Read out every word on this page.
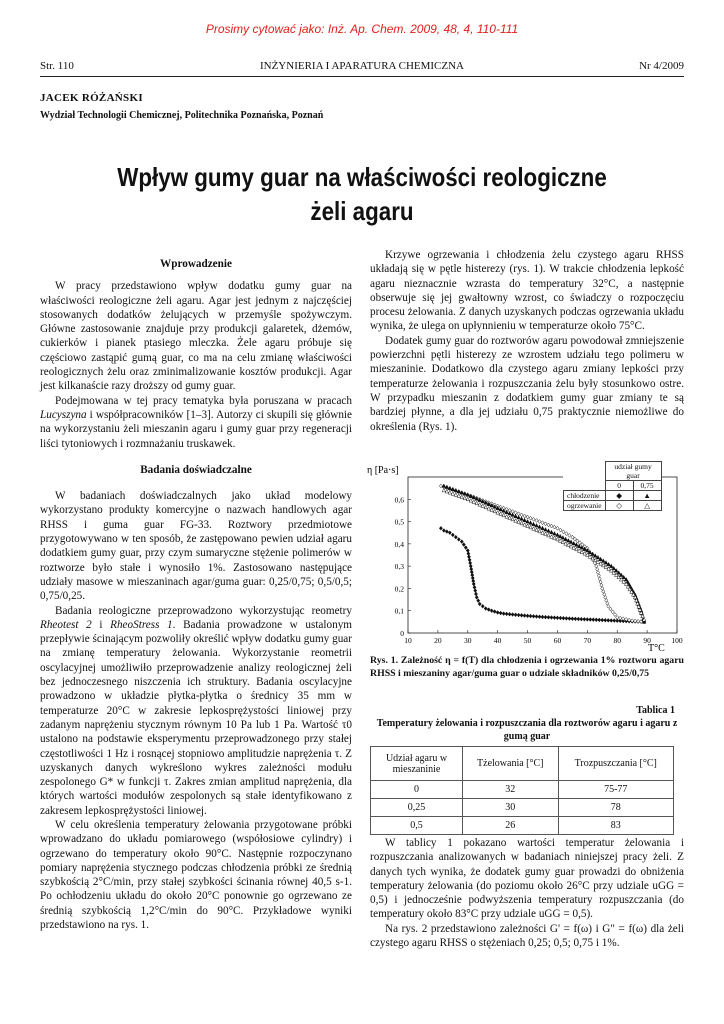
Prosimy cytować jako: Inż. Ap. Chem. 2009, 48, 4, 110-111
Str. 110	INŻYNIERIA I APARATURA CHEMICZNA	Nr 4/2009
JACEK RÓŻAŃSKI
Wydział Technologii Chemicznej, Politechnika Poznańska, Poznań
Wpływ gumy guar na właściwości reologiczne
żeli agaru
Wprowadzenie

W pracy przedstawiono wpływ dodatku gumy guar na właściwości reologiczne żeli agaru. Agar jest jednym z najczęściej stosowanych dodatków żelujących w przemyśle spożywczym. Główne zastosowanie znajduje przy produkcji galaretek, dżemów, cukierków i pianek ptasiego mleczka. Żele agaru próbuje się częściowo zastąpić gumą guar, co ma na celu zmianę właściwości reologicznych żelu oraz zminimalizowanie kosztów produkcji. Agar jest kilkanaście razy droższy od gumy guar.

Podejmowana w tej pracy tematyka była poruszana w pracach Lucyszyna i współpracowników [1–3]. Autorzy ci skupili się głównie na wykorzystaniu żeli mieszanin agaru i gumy guar przy regeneracji liści tytoniowych i rozmnażaniu truskawek.

Badania doświadczalne

W badaniach doświadczalnych jako układ modelowy wykorzystano produkty komercyjne o nazwach handlowych agar RHSS i guma guar FG-33. Roztwory przedmiotowe przygotowywano w ten sposób, że zastępowano pewien udział agaru dodatkiem gumy guar, przy czym sumaryczne stężenie polimerów w roztworze było stałe i wynosiło 1%. Zastosowano następujące udziały masowe w mieszaninach agar/guma guar: 0,25/0,75; 0,5/0,5; 0,75/0,25.

Badania reologiczne przeprowadzono wykorzystując reometry Rheotest 2 i RheoStress 1. Badania prowadzone w ustalonym przepływie ścinającym pozwoliły określić wpływ dodatku gumy guar na zmianę temperatury żelowania. Wykorzystanie reometrii oscylacyjnej umożliwiło przeprowadzenie analizy reologicznej żeli bez jednoczesnego niszczenia ich struktury. Badania oscylacyjne prowadzono w układzie płytka-płytka o średnicy 35 mm w temperaturze 20°C w zakresie lepkosprężystości liniowej przy zadanym naprężeniu stycznym równym 10 Pa lub 1 Pa. Wartość τ0 ustalono na podstawie eksperymentu przeprowadzonego przy stałej częstotliwości 1 Hz i rosnącej stopniowo amplitudzie naprężenia τ. Z uzyskanych danych wykreślono wykres zależności modułu zespolonego G* w funkcji τ. Zakres zmian amplitud naprężenia, dla których wartości modułów zespolonych są stałe identyfikowano z zakresem lepkosprężystości liniowej.

W celu określenia temperatury żelowania przygotowane próbki wprowadzano do układu pomiarowego (współosiowe cylindry) i ogrzewano do temperatury około 90°C. Następnie rozpoczynano pomiary naprężenia stycznego podczas chłodzenia próbki ze średnią szybkością 2°C/min, przy stałej szybkości ścinania równej 40,5 s-1. Po ochłodzeniu układu do około 20°C ponownie go ogrzewano ze średnią szybkością 1,2°C/min do 90°C. Przykładowe wyniki przedstawiono na rys. 1.

Krzywe ogrzewania i chłodzenia żelu czystego agaru RHSS układają się w pętle histerezy (rys. 1). W trakcie chłodzenia lepkość agaru nieznacznie wzrasta do temperatury 32°C, a następnie obserwuje się jej gwałtowny wzrost, co świadczy o rozpoczęciu procesu żelowania. Z danych uzyskanych podczas ogrzewania układu wynika, że ulega on upłynnieniu w temperaturze około 75°C.

Dodatek gumy guar do roztworów agaru powodował zmniejszenie powierzchni pętli histerezy ze wzrostem udziału tego polimeru w mieszaninie. Dodatkowo dla czystego agaru zmiany lepkości przy temperaturze żelowania i rozpuszczania żelu były stosunkowo ostre. W przypadku mieszanin z dodatkiem gumy guar zmiany te są bardziej płynne, a dla jej udziału 0,75 praktycznie niemożliwe do określenia (Rys. 1).

10	20	30	40	50	60	70	80	90	100
0
0,1
0,2
0,3
0,4
0,5
0,6
η [Pa·s]
T°C
	udział gumy guar	
	0	0,75
chłodzenie	◆	▲
ogrzewanie	◇	△
Rys. 1. Zależność η = f(T) dla chłodzenia i ogrzewania 1% roztworu agaru RHSS i mieszaniny agar/guma guar o udziale składników 0,25/0,75
Tablica 1
Temperatury żelowania i rozpuszczania dla roztworów agaru i agaru z gumą guar
Udział agaru w mieszaninie	Tżelowania [°C]	Trozpuszczania [°C]
0	32	75-77
0,25	30	78
0,5	26	83

W tablicy 1 pokazano wartości temperatur żelowania i rozpuszczania analizowanych w badaniach niniejszej pracy żeli. Z danych tych wynika, że dodatek gumy guar prowadzi do obniżenia temperatury żelowania (do poziomu około 26°C przy udziale uGG = 0,5) i jednocześnie podwyższenia temperatury rozpuszczania (do temperatury około 83°C przy udziale uGG = 0,5).

Na rys. 2 przedstawiono zależności G' = f(ω) i G" = f(ω) dla żeli czystego agaru RHSS o stężeniach 0,25; 0,5; 0,75 i 1%.
